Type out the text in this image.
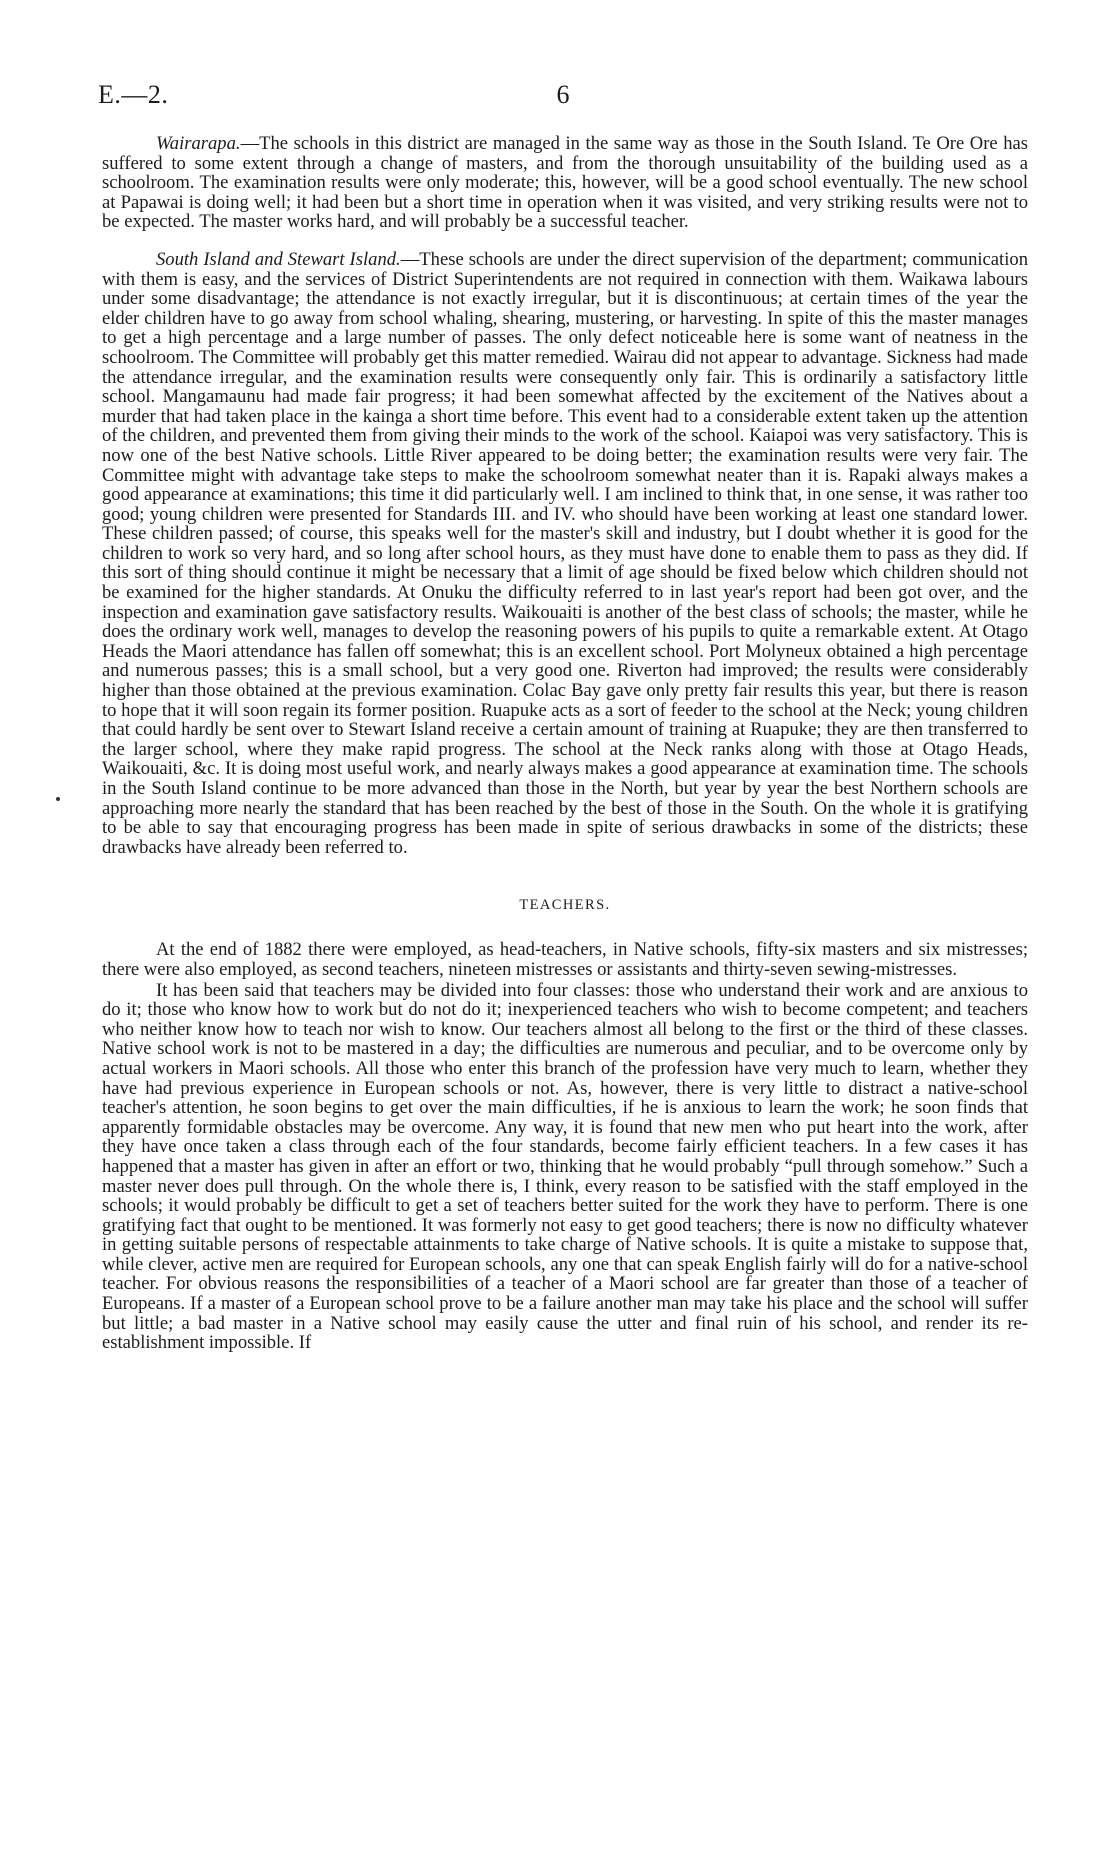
E.—2.	6

Wairarapa.—The schools in this district are managed in the same way as those in the South Island. Te Ore Ore has suffered to some extent through a change of masters, and from the thorough unsuitability of the building used as a schoolroom. The examination results were only moderate; this, however, will be a good school eventually. The new school at Papawai is doing well; it had been but a short time in operation when it was visited, and very striking results were not to be expected. The master works hard, and will probably be a successful teacher.

South Island and Stewart Island.—These schools are under the direct supervision of the department; communication with them is easy, and the services of District Superintendents are not required in connection with them. Waikawa labours under some disadvantage; the attendance is not exactly irregular, but it is discontinuous; at certain times of the year the elder children have to go away from school whaling, shearing, mustering, or harvesting. In spite of this the master manages to get a high percentage and a large number of passes. The only defect noticeable here is some want of neatness in the schoolroom. The Committee will probably get this matter remedied. Wairau did not appear to advantage. Sickness had made the attendance irregular, and the examination results were consequently only fair. This is ordinarily a satisfactory little school. Mangamaunu had made fair progress; it had been somewhat affected by the excitement of the Natives about a murder that had taken place in the kainga a short time before. This event had to a considerable extent taken up the attention of the children, and prevented them from giving their minds to the work of the school. Kaiapoi was very satisfactory. This is now one of the best Native schools. Little River appeared to be doing better; the examination results were very fair. The Committee might with advantage take steps to make the schoolroom somewhat neater than it is. Rapaki always makes a good appearance at examinations; this time it did particularly well. I am inclined to think that, in one sense, it was rather too good; young children were presented for Standards III. and IV. who should have been working at least one standard lower. These children passed; of course, this speaks well for the master's skill and industry, but I doubt whether it is good for the children to work so very hard, and so long after school hours, as they must have done to enable them to pass as they did. If this sort of thing should continue it might be necessary that a limit of age should be fixed below which children should not be examined for the higher standards. At Onuku the difficulty referred to in last year's report had been got over, and the inspection and examination gave satisfactory results. Waikouaiti is another of the best class of schools; the master, while he does the ordinary work well, manages to develop the reasoning powers of his pupils to quite a remarkable extent. At Otago Heads the Maori attendance has fallen off somewhat; this is an excellent school. Port Molyneux obtained a high percentage and numerous passes; this is a small school, but a very good one. Riverton had improved; the results were considerably higher than those obtained at the previous examination. Colac Bay gave only pretty fair results this year, but there is reason to hope that it will soon regain its former position. Ruapuke acts as a sort of feeder to the school at the Neck; young children that could hardly be sent over to Stewart Island receive a certain amount of training at Ruapuke; they are then transferred to the larger school, where they make rapid progress. The school at the Neck ranks along with those at Otago Heads, Waikouaiti, &c. It is doing most useful work, and nearly always makes a good appearance at examination time. The schools in the South Island continue to be more advanced than those in the North, but year by year the best Northern schools are approaching more nearly the standard that has been reached by the best of those in the South. On the whole it is gratifying to be able to say that encouraging progress has been made in spite of serious drawbacks in some of the districts; these drawbacks have already been referred to.

TEACHERS.

At the end of 1882 there were employed, as head-teachers, in Native schools, fifty-six masters and six mistresses; there were also employed, as second teachers, nineteen mistresses or assistants and thirty-seven sewing-mistresses.

It has been said that teachers may be divided into four classes: those who understand their work and are anxious to do it; those who know how to work but do not do it; inexperienced teachers who wish to become competent; and teachers who neither know how to teach nor wish to know. Our teachers almost all belong to the first or the third of these classes. Native school work is not to be mastered in a day; the difficulties are numerous and peculiar, and to be overcome only by actual workers in Maori schools. All those who enter this branch of the profession have very much to learn, whether they have had previous experience in European schools or not. As, however, there is very little to distract a native-school teacher's attention, he soon begins to get over the main difficulties, if he is anxious to learn the work; he soon finds that apparently formidable obstacles may be overcome. Any way, it is found that new men who put heart into the work, after they have once taken a class through each of the four standards, become fairly efficient teachers. In a few cases it has happened that a master has given in after an effort or two, thinking that he would probably “pull through somehow.” Such a master never does pull through. On the whole there is, I think, every reason to be satisfied with the staff employed in the schools; it would probably be difficult to get a set of teachers better suited for the work they have to perform. There is one gratifying fact that ought to be mentioned. It was formerly not easy to get good teachers; there is now no difficulty whatever in getting suitable persons of respectable attainments to take charge of Native schools. It is quite a mistake to suppose that, while clever, active men are required for European schools, any one that can speak English fairly will do for a native-school teacher. For obvious reasons the responsibilities of a teacher of a Maori school are far greater than those of a teacher of Europeans. If a master of a European school prove to be a failure another man may take his place and the school will suffer but little; a bad master in a Native school may easily cause the utter and final ruin of his school, and render its re-establishment impossible. If
